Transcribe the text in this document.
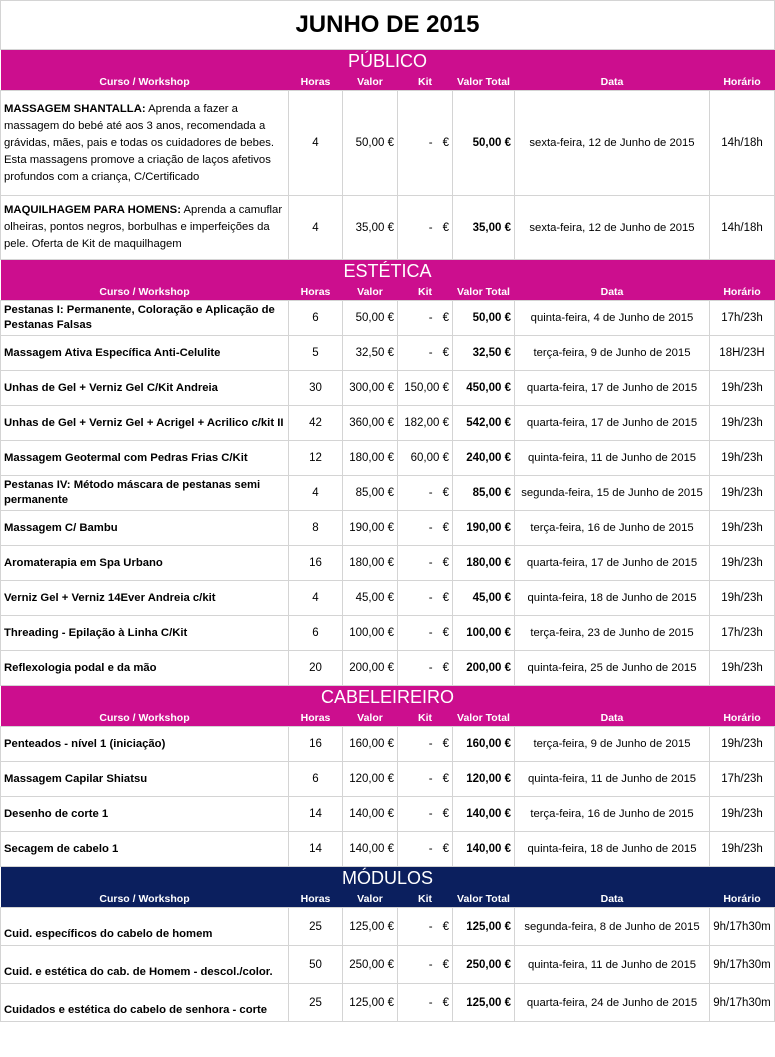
JUNHO DE 2015						
PÚBLICO						
Curso / Workshop	Horas	Valor	Kit	Valor Total	Data	Horário
MASSAGEM SHANTALLA: Aprenda a fazer a massagem do bebé até aos 3 anos, recomendada a grávidas, mães, pais e todas os cuidadores de bebes. Esta massagens promove a criação de laços afetivos profundos com a criança, C/Certificado	4	50,00 €	- €	50,00 €	sexta-feira, 12 de Junho de 2015	14h/18h
MAQUILHAGEM PARA HOMENS: Aprenda a camuflar olheiras, pontos negros, borbulhas e imperfeições da pele. Oferta de Kit de maquilhagem	4	35,00 €	- €	35,00 €	sexta-feira, 12 de Junho de 2015	14h/18h
ESTÉTICA						
Curso / Workshop	Horas	Valor	Kit	Valor Total	Data	Horário
Pestanas I: Permanente, Coloração e Aplicação de Pestanas Falsas	6	50,00 €	- €	50,00 €	quinta-feira, 4 de Junho de 2015	17h/23h
Massagem Ativa Específica Anti-Celulite	5	32,50 €	- €	32,50 €	terça-feira, 9 de Junho de 2015	18H/23H
Unhas de Gel + Verniz Gel C/Kit Andreia	30	300,00 €	150,00 €	450,00 €	quarta-feira, 17 de Junho de 2015	19h/23h
Unhas de Gel + Verniz Gel + Acrigel + Acrilico c/kit II	42	360,00 €	182,00 €	542,00 €	quarta-feira, 17 de Junho de 2015	19h/23h
Massagem Geotermal com Pedras Frias C/Kit	12	180,00 €	60,00 €	240,00 €	quinta-feira, 11 de Junho de 2015	19h/23h
Pestanas IV: Método máscara de pestanas semi permanente	4	85,00 €	- €	85,00 €	segunda-feira, 15 de Junho de 2015	19h/23h
Massagem C/ Bambu	8	190,00 €	- €	190,00 €	terça-feira, 16 de Junho de 2015	19h/23h
Aromaterapia em Spa Urbano	16	180,00 €	- €	180,00 €	quarta-feira, 17 de Junho de 2015	19h/23h
Verniz Gel + Verniz 14Ever Andreia c/kit	4	45,00 €	- €	45,00 €	quinta-feira, 18 de Junho de 2015	19h/23h
Threading - Epilação à Linha C/Kit	6	100,00 €	- €	100,00 €	terça-feira, 23 de Junho de 2015	17h/23h
Reflexologia podal e da mão	20	200,00 €	- €	200,00 €	quinta-feira, 25 de Junho de 2015	19h/23h
CABELEIREIRO						
Curso / Workshop	Horas	Valor	Kit	Valor Total	Data	Horário
Penteados - nível 1 (iniciação)	16	160,00 €	- €	160,00 €	terça-feira, 9 de Junho de 2015	19h/23h
Massagem Capilar Shiatsu	6	120,00 €	- €	120,00 €	quinta-feira, 11 de Junho de 2015	17h/23h
Desenho de corte 1	14	140,00 €	- €	140,00 €	terça-feira, 16 de Junho de 2015	19h/23h
Secagem de cabelo 1	14	140,00 €	- €	140,00 €	quinta-feira, 18 de Junho de 2015	19h/23h
MÓDULOS						
Curso / Workshop	Horas	Valor	Kit	Valor Total	Data	Horário
Cuid. específicos do cabelo de homem	25	125,00 €	- €	125,00 €	segunda-feira, 8 de Junho de 2015	9h/17h30m
Cuid. e estética do cab. de Homem - descol./color.	50	250,00 €	- €	250,00 €	quinta-feira, 11 de Junho de 2015	9h/17h30m
Cuidados e estética do cabelo de senhora - corte	25	125,00 €	- €	125,00 €	quarta-feira, 24 de Junho de 2015	9h/17h30m
